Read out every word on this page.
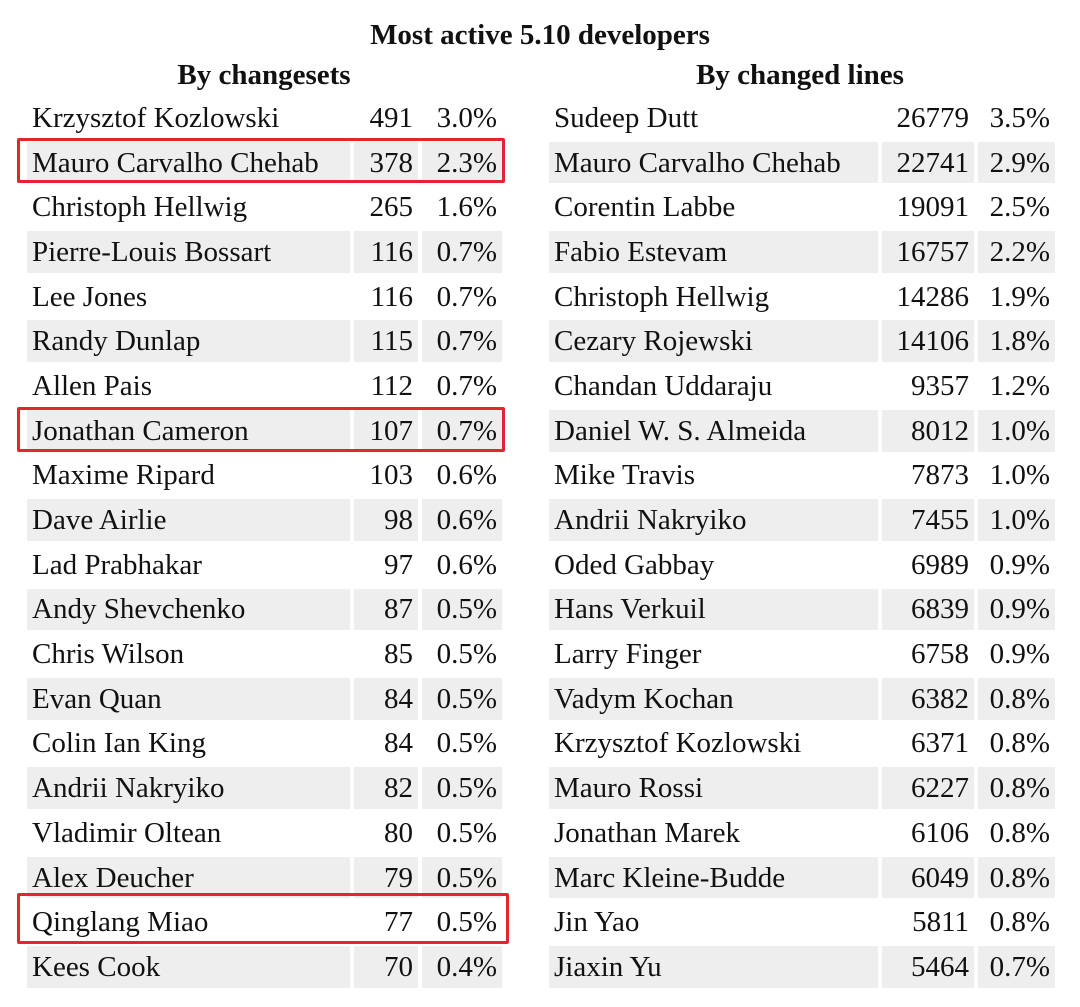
Most active 5.10 developers
By changesets	By changed lines
Krzysztof Kozlowski	491	3.0%
Mauro Carvalho Chehab	378	2.3%
Christoph Hellwig	265	1.6%
Pierre-Louis Bossart	116	0.7%
Lee Jones	116	0.7%
Randy Dunlap	115	0.7%
Allen Pais	112	0.7%
Jonathan Cameron	107	0.7%
Maxime Ripard	103	0.6%
Dave Airlie	98	0.6%
Lad Prabhakar	97	0.6%
Andy Shevchenko	87	0.5%
Chris Wilson	85	0.5%
Evan Quan	84	0.5%
Colin Ian King	84	0.5%
Andrii Nakryiko	82	0.5%
Vladimir Oltean	80	0.5%
Alex Deucher	79	0.5%
Qinglang Miao	77	0.5%
Kees Cook	70	0.4%
Sudeep Dutt	26779	3.5%
Mauro Carvalho Chehab	22741	2.9%
Corentin Labbe	19091	2.5%
Fabio Estevam	16757	2.2%
Christoph Hellwig	14286	1.9%
Cezary Rojewski	14106	1.8%
Chandan Uddaraju	9357	1.2%
Daniel W. S. Almeida	8012	1.0%
Mike Travis	7873	1.0%
Andrii Nakryiko	7455	1.0%
Oded Gabbay	6989	0.9%
Hans Verkuil	6839	0.9%
Larry Finger	6758	0.9%
Vadym Kochan	6382	0.8%
Krzysztof Kozlowski	6371	0.8%
Mauro Rossi	6227	0.8%
Jonathan Marek	6106	0.8%
Marc Kleine-Budde	6049	0.8%
Jin Yao	5811	0.8%
Jiaxin Yu	5464	0.7%
